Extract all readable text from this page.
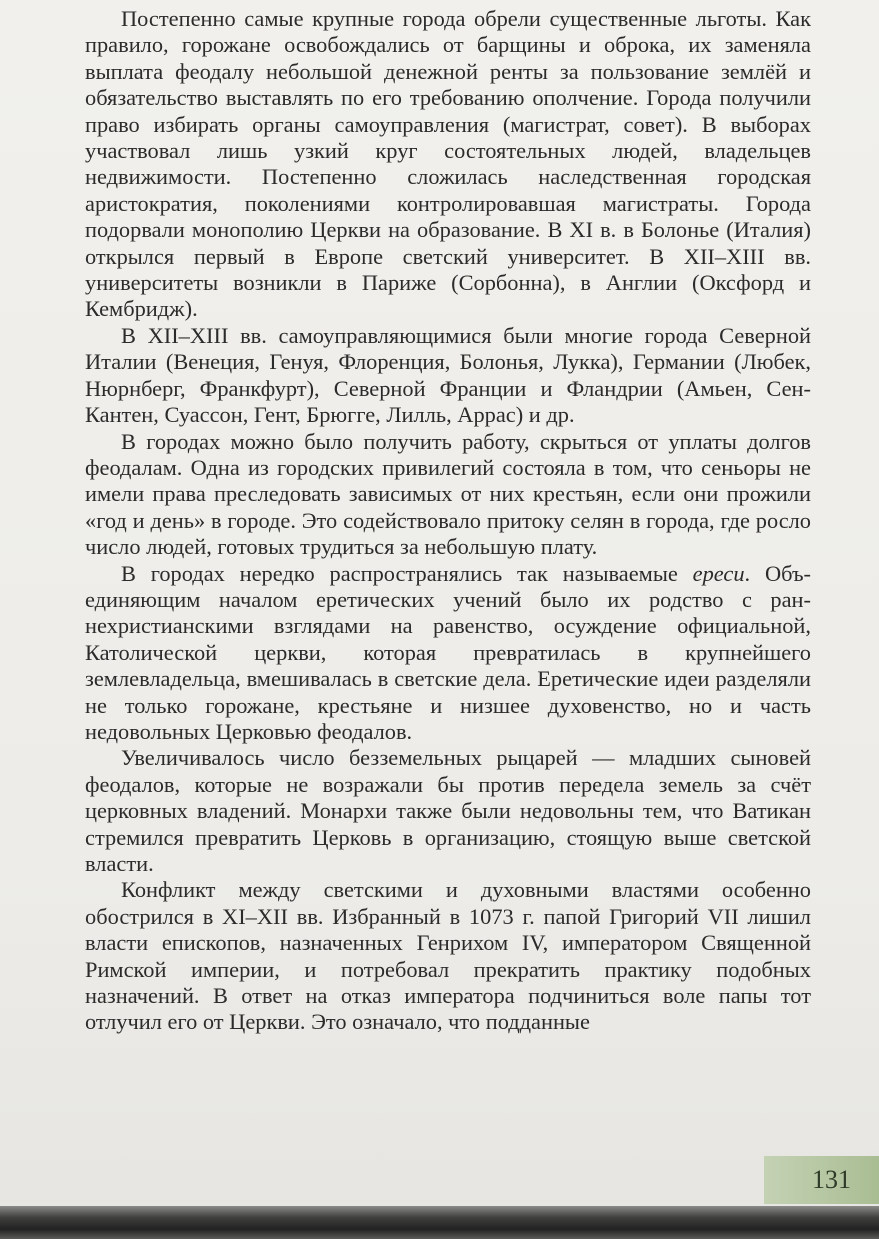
Постепенно самые крупные города обрели существенные льготы. Как правило, горожане освобождались от барщины и оброка, их заменяла выплата феодалу небольшой денежной ренты за пользование землёй и обязательство выставлять по его требованию ополчение. Города получили право избирать органы самоуправления (магистрат, совет). В выборах участвовал лишь узкий круг состоятельных людей, владельцев недвижимости. Постепенно сложилась наследственная городская аристократия, поколениями контролировавшая магистраты. Города подорвали монополию Церкви на образование. В XI в. в Болонье (Италия) открылся первый в Европе светский университет. В XII–XIII вв. университеты возникли в Париже (Сорбонна), в Англии (Оксфорд и Кембридж).

В XII–XIII вв. самоуправляющимися были многие города Северной Италии (Венеция, Генуя, Флоренция, Болонья, Лукка), Германии (Любек, Нюрнберг, Франкфурт), Северной Франции и Фландрии (Амьен, Сен-Кантен, Суассон, Гент, Брюгге, Лилль, Аррас) и др.

В городах можно было получить работу, скрыться от уплаты долгов феодалам. Одна из городских привилегий состояла в том, что сеньоры не имели права преследовать зависимых от них крестьян, если они прожили «год и день» в городе. Это содействовало притоку селян в города, где росло число людей, готовых трудиться за небольшую плату.

В городах нередко распространялись так называемые ереси. Объединяющим началом еретических учений было их родство с раннехристианскими взглядами на равенство, осуждение официальной, Католической церкви, которая превратилась в крупнейшего землевладельца, вмешивалась в светские дела. Еретические идеи разделяли не только горожане, крестьяне и низшее духовенство, но и часть недовольных Церковью феодалов.

Увеличивалось число безземельных рыцарей — младших сыновей феодалов, которые не возражали бы против передела земель за счёт церковных владений. Монархи также были недовольны тем, что Ватикан стремился превратить Церковь в организацию, стоящую выше светской власти.

Конфликт между светскими и духовными властями особенно обострился в XI–XII вв. Избранный в 1073 г. папой Григорий VII лишил власти епископов, назначенных Генрихом IV, императором Священной Римской империи, и потребовал прекратить практику подобных назначений. В ответ на отказ императора подчиниться воле папы тот отлучил его от Церкви. Это означало, что подданные

131
